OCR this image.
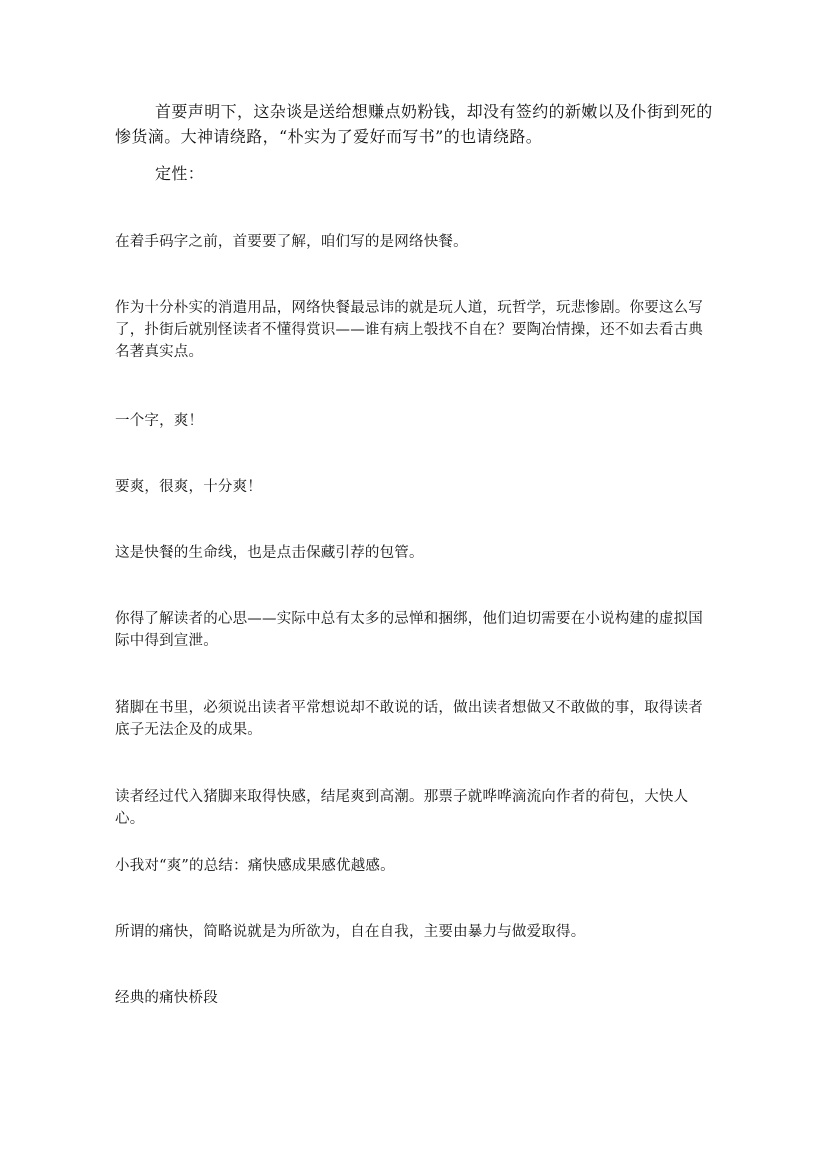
首要声明下，这杂谈是送给想赚点奶粉钱，却没有签约的新嫩以及仆街到死的惨货滴。大神请绕路，“朴实为了爱好而写书”的也请绕路。

定性：

在着手码字之前，首要要了解，咱们写的是网络快餐。

作为十分朴实的消遣用品，网络快餐最忌讳的就是玩人道，玩哲学，玩悲惨剧。你要这么写了，扑街后就别怪读者不懂得赏识——谁有病上彀找不自在？要陶冶情操，还不如去看古典名著真实点。

一个字，爽！

要爽，很爽，十分爽！

这是快餐的生命线，也是点击保藏引荐的包管。

你得了解读者的心思——实际中总有太多的忌惮和捆绑，他们迫切需要在小说构建的虚拟国际中得到宣泄。

猪脚在书里，必须说出读者平常想说却不敢说的话，做出读者想做又不敢做的事，取得读者底子无法企及的成果。

读者经过代入猪脚来取得快感，结尾爽到高潮。那票子就哗哗滴流向作者的荷包，大快人心。

小我对“爽”的总结：痛快感成果感优越感。

所谓的痛快，简略说就是为所欲为，自在自我，主要由暴力与做爱取得。

经典的痛快桥段
